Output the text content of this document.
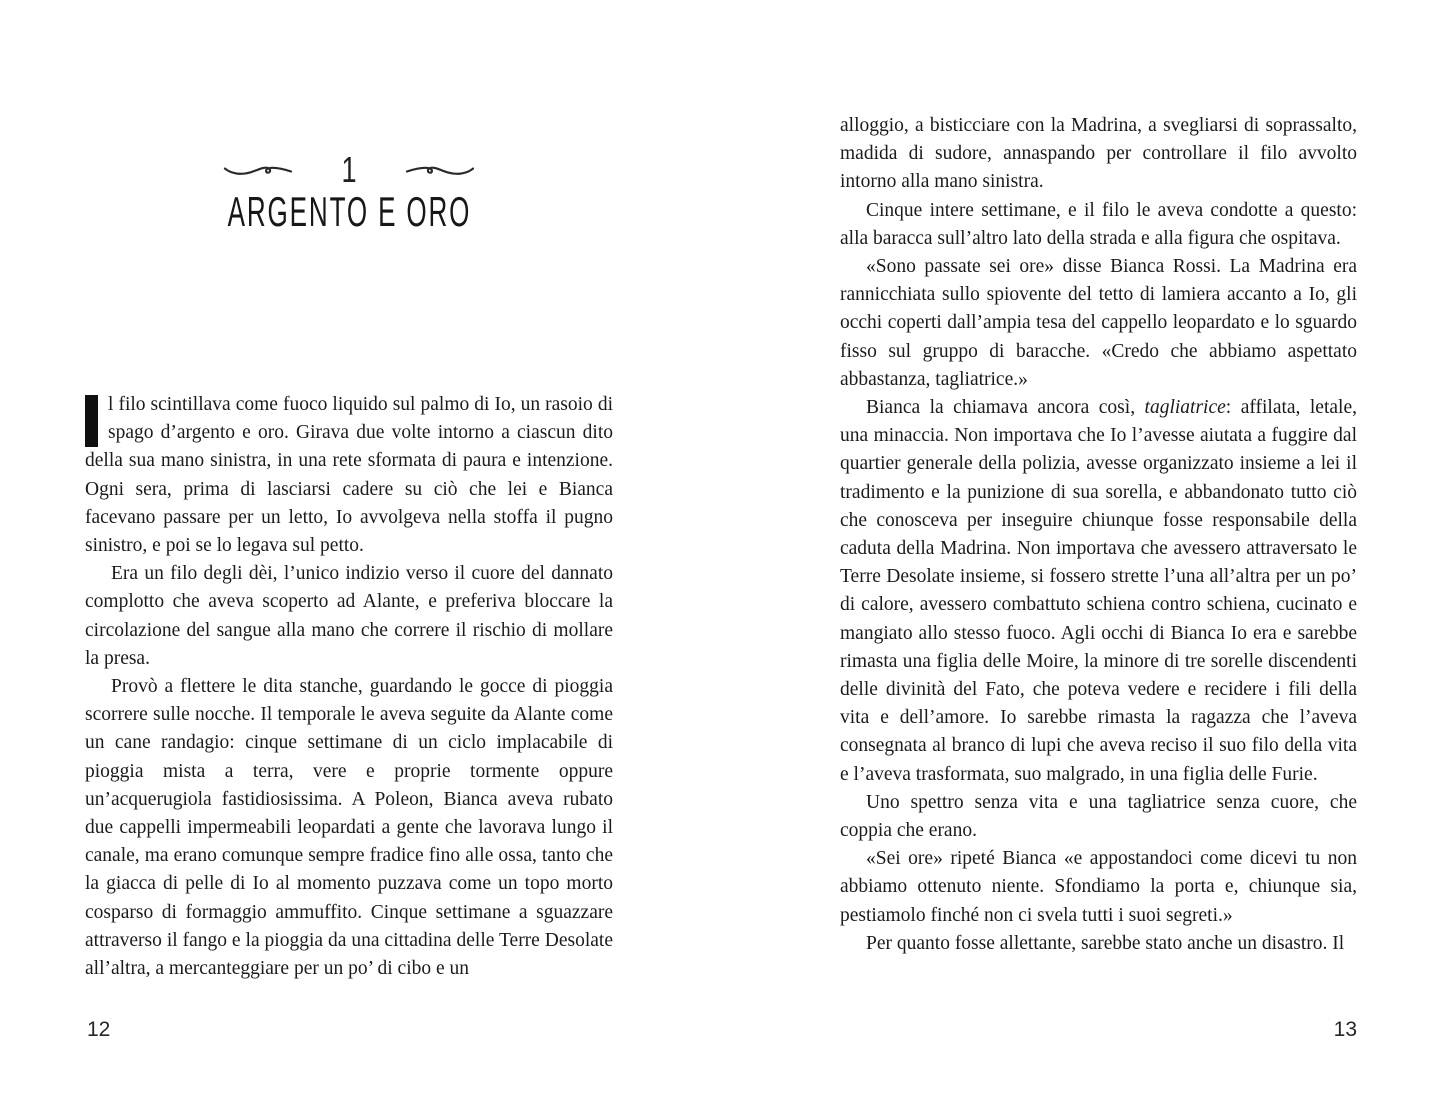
1
ARGENTO E ORO

l filo scintillava come fuoco liquido sul palmo di Io, un rasoio di spago d’argento e oro. Girava due volte intorno a ciascun dito della sua mano sinistra, in una rete sformata di paura e intenzione. Ogni sera, prima di lasciarsi cadere su ciò che lei e Bianca facevano passare per un letto, Io avvolgeva nella stoffa il pugno sinistro, e poi se lo legava sul petto.

Era un filo degli dèi, l’unico indizio verso il cuore del dannato complotto che aveva scoperto ad Alante, e preferiva bloccare la circolazione del sangue alla mano che correre il rischio di mollare la presa.

Provò a flettere le dita stanche, guardando le gocce di pioggia scorrere sulle nocche. Il temporale le aveva seguite da Alante come un cane randagio: cinque settimane di un ciclo implacabile di pioggia mista a terra, vere e proprie tormente oppure un’acquerugiola fastidiosissima. A Poleon, Bianca aveva rubato due cappelli impermeabili leopardati a gente che lavorava lungo il canale, ma erano comunque sempre fradice fino alle ossa, tanto che la giacca di pelle di Io al momento puzzava come un topo morto cosparso di formaggio ammuffito. Cinque settimane a sguazzare attraverso il fango e la pioggia da una cittadina delle Terre Desolate all’altra, a mercanteggiare per un po’ di cibo e un

12

alloggio, a bisticciare con la Madrina, a svegliarsi di soprassalto, madida di sudore, annaspando per controllare il filo avvolto intorno alla mano sinistra.

Cinque intere settimane, e il filo le aveva condotte a questo: alla baracca sull’altro lato della strada e alla figura che ospitava.

«Sono passate sei ore» disse Bianca Rossi. La Madrina era rannicchiata sullo spiovente del tetto di lamiera accanto a Io, gli occhi coperti dall’ampia tesa del cappello leopardato e lo sguardo fisso sul gruppo di baracche. «Credo che abbiamo aspettato abbastanza, tagliatrice.»

Bianca la chiamava ancora così, tagliatrice: affilata, letale, una minaccia. Non importava che Io l’avesse aiutata a fuggire dal quartier generale della polizia, avesse organizzato insieme a lei il tradimento e la punizione di sua sorella, e abbandonato tutto ciò che conosceva per inseguire chiunque fosse responsabile della caduta della Madrina. Non importava che avessero attraversato le Terre Desolate insieme, si fossero strette l’una all’altra per un po’ di calore, avessero combattuto schiena contro schiena, cucinato e mangiato allo stesso fuoco. Agli occhi di Bianca Io era e sarebbe rimasta una figlia delle Moire, la minore di tre sorelle discendenti delle divinità del Fato, che poteva vedere e recidere i fili della vita e dell’amore. Io sarebbe rimasta la ragazza che l’aveva consegnata al branco di lupi che aveva reciso il suo filo della vita e l’aveva trasformata, suo malgrado, in una figlia delle Furie.

Uno spettro senza vita e una tagliatrice senza cuore, che coppia che erano.

«Sei ore» ripeté Bianca «e appostandoci come dicevi tu non abbiamo ottenuto niente. Sfondiamo la porta e, chiunque sia, pestiamolo finché non ci svela tutti i suoi segreti.»

Per quanto fosse allettante, sarebbe stato anche un disastro. Il

13
